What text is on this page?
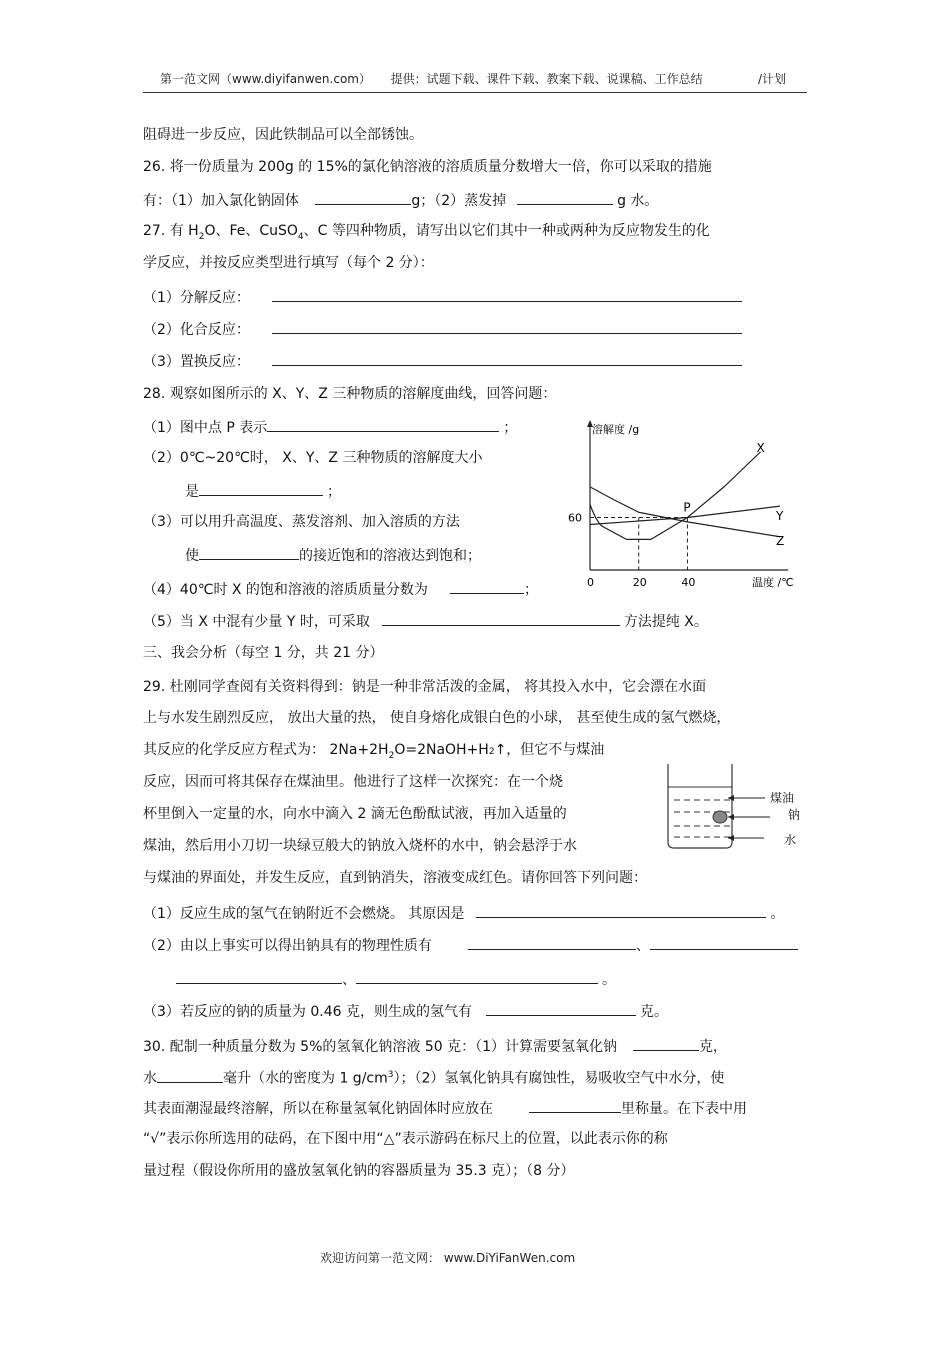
第一范文网（www.diyifanwen.com） 提供：试题下载、课件下载、教案下载、说课稿、工作总结	/计划
阻碍进一步反应，因此铁制品可以全部锈蚀。
26. 将一份质量为 200g 的 15%的氯化钠溶液的溶质质量分数增大一倍，你可以采取的措施
有：（1）加入氯化钠固体	g；（2）蒸发掉	g 水。
27. 有 $H_2O$、Fe、CuSO$_4$、C 等四种物质，请写出以它们其中一种或两种为反应物发生的化
学反应，并按反应类型进行填写（每个 2 分）：
（1）分解反应：
（2）化合反应：
（3）置换反应：
28. 观察如图所示的 X、Y、Z 三种物质的溶解度曲线，回答问题：
（1）图中点 P 表示	；
（2）0℃~20℃时， X、Y、Z 三种物质的溶解度大小
是	；
（3）可以用升高温度、蒸发溶剂、加入溶质的方法
使	的接近饱和的溶液达到饱和；
（4）40℃时 X 的饱和溶液的溶质质量分数为	；
（5）当 X 中混有少量 Y 时，可采取	方法提纯 X。
溶解度 /g
温度 /℃
0	20	40
60
X
Y
Z
P
三、我会分析（每空 1 分，共 21 分）
29. 杜刚同学查阅有关资料得到：钠是一种非常活泼的金属， 将其投入水中，它会漂在水面
上与水发生剧烈反应， 放出大量的热， 使自身熔化成银白色的小球， 甚至使生成的氢气燃烧，
其反应的化学反应方程式为： $2Na+2H_2O=2NaOH+H2↑$，但它不与煤油
反应，因而可将其保存在煤油里。他进行了这样一次探究：在一个烧
杯里倒入一定量的水，向水中滴入 2 滴无色酚酞试液，再加入适量的
煤油，然后用小刀切一块绿豆般大的钠放入烧杯的水中，钠会悬浮于水
与煤油的界面处，并发生反应，直到钠消失，溶液变成红色。请你回答下列问题：
煤油
钠
水
（1）反应生成的氢气在钠附近不会燃烧。 其原因是	。
（2）由以上事实可以得出钠具有的物理性质有	、
、	。
（3）若反应的钠的质量为 0.46 克，则生成的氢气有	克。
30. 配制一种质量分数为 5%的氢氧化钠溶液 50 克：（1）计算需要氢氧化钠	克，
水	毫升（水的密度为 1 $g/cm^3$）；（2）氢氧化钠具有腐蚀性，易吸收空气中水分，使
其表面潮湿最终溶解，所以在称量氢氧化钠固体时应放在	里称量。在下表中用
“√”表示你所选用的砝码，在下图中用“△”表示游码在标尺上的位置，以此表示你的称
量过程（假设你所用的盛放氢氧化钠的容器质量为 35.3 克）；（8 分）
欢迎访问第一范文网： www.DiYiFanWen.com
